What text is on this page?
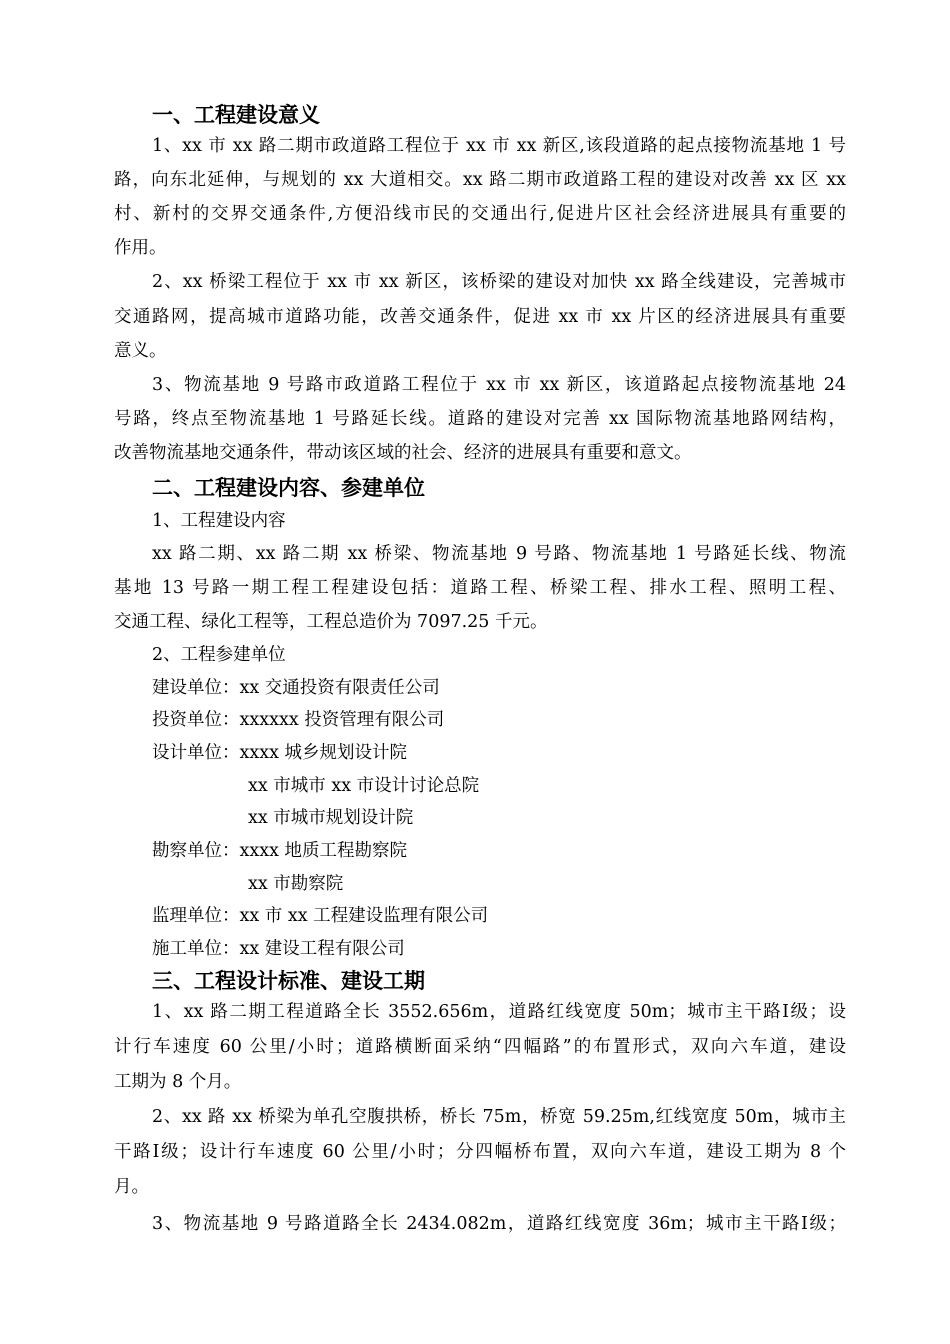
一、工程建设意义
1、xx 市 xx 路二期市政道路工程位于 xx 市 xx 新区,该段道路的起点接物流基地 1 号
路，向东北延伸，与规划的 xx 大道相交。xx 路二期市政道路工程的建设对改善 xx 区 xx
村、新村的交界交通条件,方便沿线市民的交通出行,促进片区社会经济进展具有重要的
作用。
2、xx 桥梁工程位于 xx 市 xx 新区，该桥梁的建设对加快 xx 路全线建设，完善城市
交通路网，提高城市道路功能，改善交通条件，促进 xx 市 xx 片区的经济进展具有重要
意义。
3、物流基地 9 号路市政道路工程位于 xx 市 xx 新区，该道路起点接物流基地 24
号路，终点至物流基地 1 号路延长线。道路的建设对完善 xx 国际物流基地路网结构，
改善物流基地交通条件，带动该区域的社会、经济的进展具有重要和意文。
二、工程建设内容、参建单位
1、工程建设内容
xx 路二期、xx 路二期 xx 桥梁、物流基地 9 号路、物流基地 1 号路延长线、物流
基地 13 号路一期工程工程建设包括：道路工程、桥梁工程、排水工程、照明工程、
交通工程、绿化工程等，工程总造价为 7097.25 千元。
2、工程参建单位
建设单位：xx 交通投资有限责任公司
投资单位：xxxxxx 投资管理有限公司
设计单位：xxxx 城乡规划设计院
xx 市城市 xx 市设计讨论总院
xx 市城市规划设计院
勘察单位：xxxx 地质工程勘察院
xx 市勘察院
监理单位：xx 市 xx 工程建设监理有限公司
施工单位：xx 建设工程有限公司
三、工程设计标准、建设工期
1、xx 路二期工程道路全长 3552.656m，道路红线宽度 50m；城市主干路Ⅰ级；设
计行车速度 60 公里/小时；道路横断面采纳“四幅路”的布置形式，双向六车道，建设
工期为 8 个月。
2、xx 路 xx 桥梁为单孔空腹拱桥，桥长 75m，桥宽 59.25m,红线宽度 50m，城市主
干路Ⅰ级；设计行车速度 60 公里/小时；分四幅桥布置，双向六车道，建设工期为 8 个
月。
3、物流基地 9 号路道路全长 2434.082m，道路红线宽度 36m；城市主干路Ⅰ级；
